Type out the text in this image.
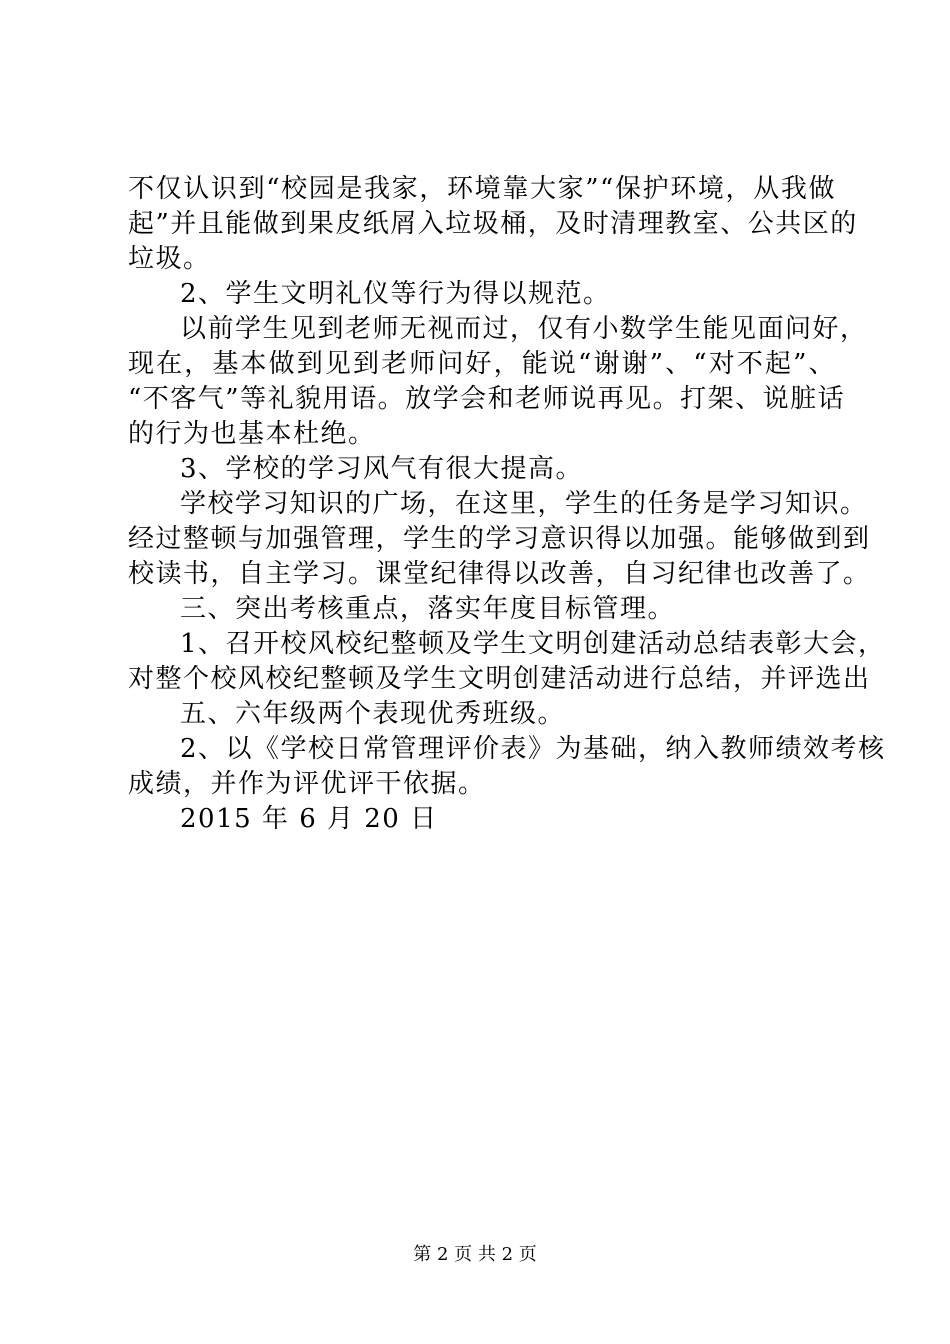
不仅认识到“校园是我家，环境靠大家”“保护环境，从我做
起”并且能做到果皮纸屑入垃圾桶，及时清理教室、公共区的
垃圾。
2、学生文明礼仪等行为得以规范。
以前学生见到老师无视而过，仅有小数学生能见面问好，
现在，基本做到见到老师问好，能说“谢谢”、“对不起”、
“不客气”等礼貌用语。放学会和老师说再见。打架、说脏话
的行为也基本杜绝。
3、学校的学习风气有很大提高。
学校学习知识的广场，在这里，学生的任务是学习知识。
经过整顿与加强管理，学生的学习意识得以加强。能够做到到
校读书，自主学习。课堂纪律得以改善，自习纪律也改善了。
三、突出考核重点，落实年度目标管理。
1、召开校风校纪整顿及学生文明创建活动总结表彰大会，
对整个校风校纪整顿及学生文明创建活动进行总结，并评选出
五、六年级两个表现优秀班级。
2、以《学校日常管理评价表》为基础，纳入教师绩效考核
成绩，并作为评优评干依据。
2015 年 6 月 20 日
第 2 页 共 2 页
